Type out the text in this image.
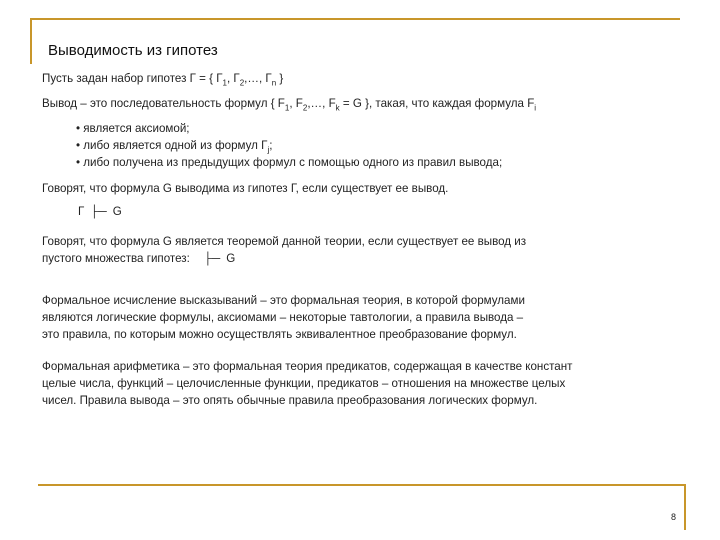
Выводимость из гипотез
Пусть задан набор гипотез Г = { $Г_1$, $Г_2,\dots$, $Г_n$ }
Вывод – это последовательность формул { $F_1$, $F_2,\dots$, $F_k = G$ }, такая, что каждая формула $F_i$
• является аксиомой;
• либо является одной из формул $Г_j$;
• либо получена из предыдущих формул с помощью одного из правил вывода;
Говорят, что формула G выводима из гипотез Г, если существует ее вывод.
Г ├─ G
Говорят, что формула G является теоремой данной теории, если существует ее вывод из
пустого множества гипотез: ├─ G
Формальное исчисление высказываний – это формальная теория, в которой формулами
являются логические формулы, аксиомами – некоторые тавтологии, а правила вывода –
это правила, по которым можно осуществлять эквивалентное преобразование формул.
Формальная арифметика – это формальная теория предикатов, содержащая в качестве констант
целые числа, функций – целочисленные функции, предикатов – отношения на множестве целых
чисел. Правила вывода – это опять обычные правила преобразования логических формул.
8
